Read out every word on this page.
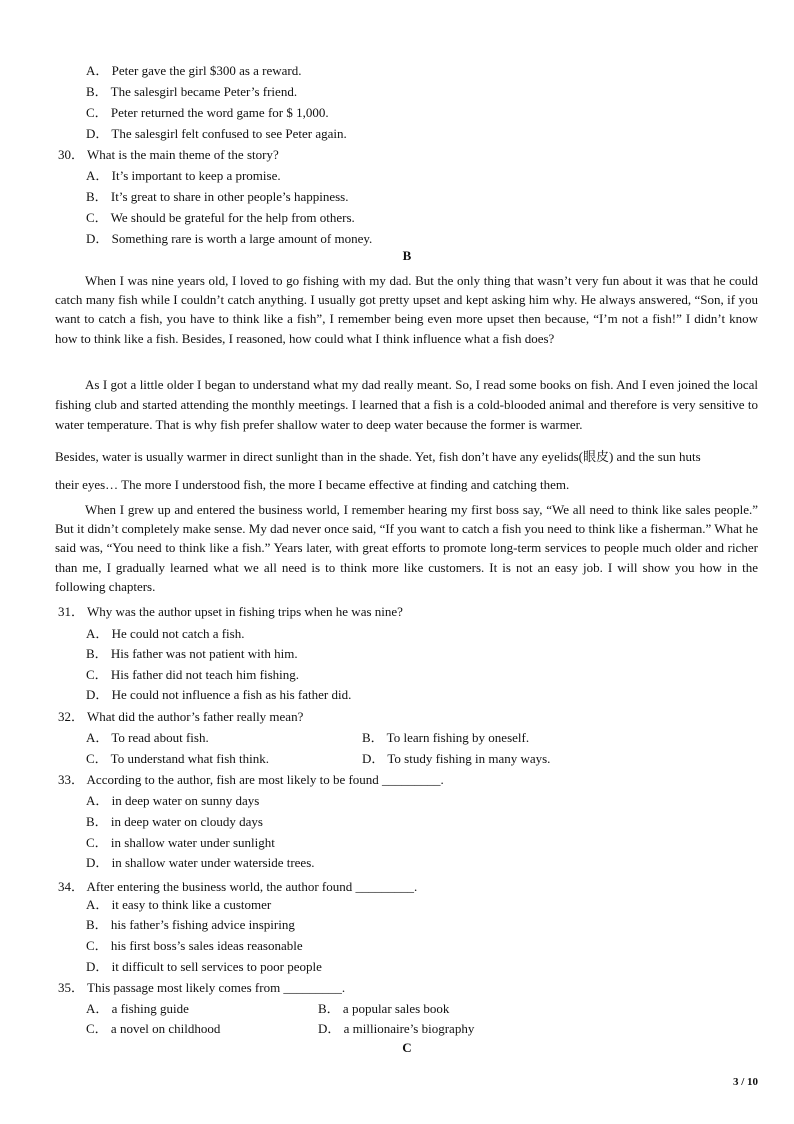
A． Peter gave the girl $300 as a reward.
B． The salesgirl became Peter’s friend.
C． Peter returned the word game for $ 1,000.
D． The salesgirl felt confused to see Peter again.
30． What is the main theme of the story?
A． It’s important to keep a promise.
B． It’s great to share in other people’s happiness.
C． We should be grateful for the help from others.
D． Something rare is worth a large amount of money.
B

When I was nine years old, I loved to go fishing with my dad. But the only thing that wasn’t very fun about it was that he could catch many fish while I couldn’t catch anything. I usually got pretty upset and kept asking him why. He always answered, “Son, if you want to catch a fish, you have to think like a fish”, I remember being even more upset then because, “I’m not a fish!” I didn’t know how to think like a fish. Besides, I reasoned, how could what I think influence what a fish does?

As I got a little older I began to understand what my dad really meant. So, I read some books on fish. And I even joined the local fishing club and started attending the monthly meetings. I learned that a fish is a cold-blooded animal and therefore is very sensitive to water temperature. That is why fish prefer shallow water to deep water because the former is warmer.

Besides, water is usually warmer in direct sunlight than in the shade. Yet, fish don’t have any eyelids(眼皮) and the sun huts
their eyes… The more I understood fish, the more I became effective at finding and catching them.

When I grew up and entered the business world, I remember hearing my first boss say, “We all need to think like sales people.” But it didn’t completely make sense. My dad never once said, “If you want to catch a fish you need to think like a fisherman.” What he said was, “You need to think like a fish.” Years later, with great efforts to promote long-term services to people much older and richer than me, I gradually learned what we all need is to think more like customers. It is not an easy job. I will show you how in the following chapters.

31． Why was the author upset in fishing trips when he was nine?
A． He could not catch a fish.
B． His father was not patient with him.
C． His father did not teach him fishing.
D． He could not influence a fish as his father did.
32． What did the author’s father really mean?
A． To read about fish.	B． To learn fishing by oneself.
C． To understand what fish think.	D． To study fishing in many ways.
33． According to the author, fish are most likely to be found _________.
A． in deep water on sunny days
B． in deep water on cloudy days
C． in shallow water under sunlight
D． in shallow water under waterside trees.
34． After entering the business world, the author found _________.
A． it easy to think like a customer
B． his father’s fishing advice inspiring
C． his first boss’s sales ideas reasonable
D． it difficult to sell services to poor people
35． This passage most likely comes from _________.
A． a fishing guide	B． a popular sales book
C． a novel on childhood	D． a millionaire’s biography
C
3 / 10
